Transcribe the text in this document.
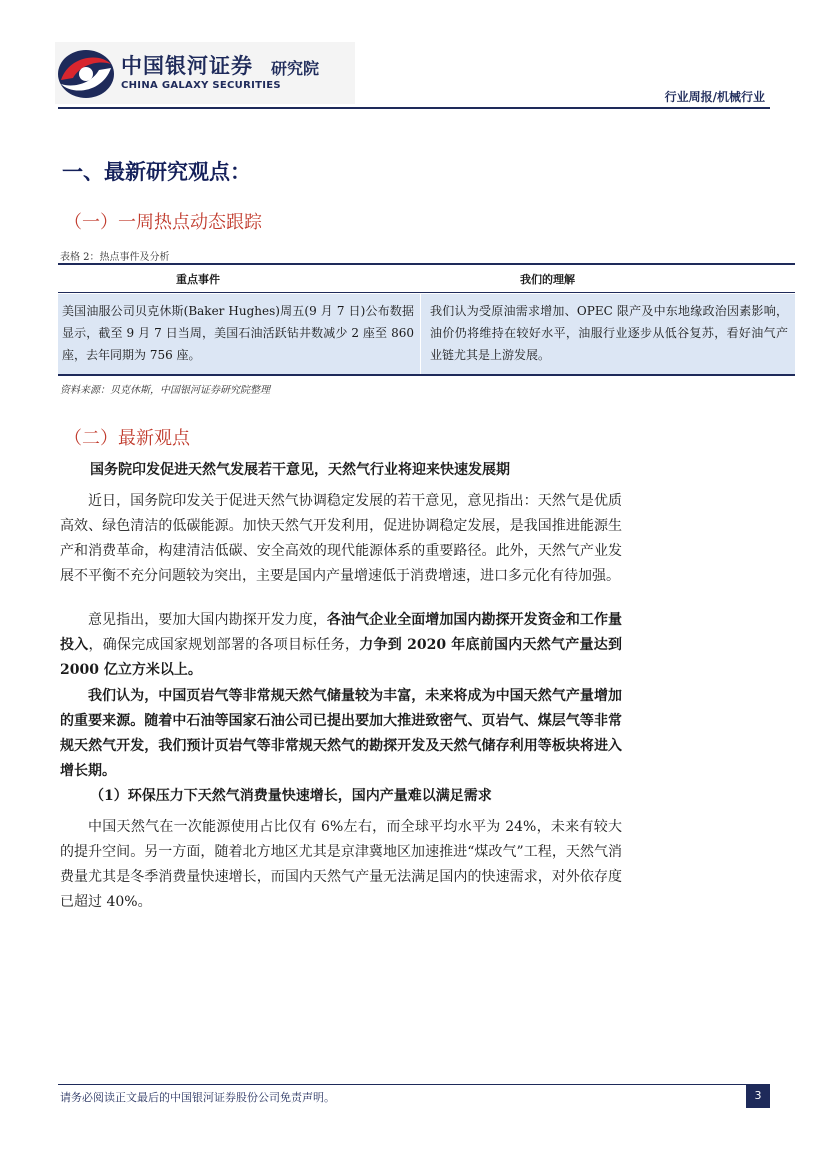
中国银河证券
CHINA GALAXY SECURITIES
研究院
行业周报/机械行业
一、最新研究观点：
（一）一周热点动态跟踪
表格 2：热点事件及分析
重点事件	我们的理解
美国油服公司贝克休斯(Baker Hughes)周五(9 月 7 日)公布数据显示，截至 9 月 7 日当周，美国石油活跃钻井数减少 2 座至 860 座，去年同期为 756 座。
我们认为受原油需求增加、OPEC 限产及中东地缘政治因素影响，油价仍将维持在较好水平，油服行业逐步从低谷复苏，看好油气产业链尤其是上游发展。
资料来源：贝克休斯，中国银河证券研究院整理
（二）最新观点
国务院印发促进天然气发展若干意见，天然气行业将迎来快速发展期
近日，国务院印发关于促进天然气协调稳定发展的若干意见，意见指出：天然气是优质高效、绿色清洁的低碳能源。加快天然气开发利用，促进协调稳定发展，是我国推进能源生产和消费革命，构建清洁低碳、安全高效的现代能源体系的重要路径。此外，天然气产业发展不平衡不充分问题较为突出，主要是国内产量增速低于消费增速，进口多元化有待加强。
意见指出，要加大国内勘探开发力度，各油气企业全面增加国内勘探开发资金和工作量投入，确保完成国家规划部署的各项目标任务，力争到 2020 年底前国内天然气产量达到 2000 亿立方米以上。
我们认为，中国页岩气等非常规天然气储量较为丰富，未来将成为中国天然气产量增加的重要来源。随着中石油等国家石油公司已提出要加大推进致密气、页岩气、煤层气等非常规天然气开发，我们预计页岩气等非常规天然气的勘探开发及天然气储存利用等板块将进入增长期。
（1）环保压力下天然气消费量快速增长，国内产量难以满足需求
中国天然气在一次能源使用占比仅有 6%左右，而全球平均水平为 24%，未来有较大的提升空间。另一方面，随着北方地区尤其是京津冀地区加速推进“煤改气”工程，天然气消费量尤其是冬季消费量快速增长，而国内天然气产量无法满足国内的快速需求，对外依存度已超过 40%。
请务必阅读正文最后的中国银河证券股份公司免责声明。	3
